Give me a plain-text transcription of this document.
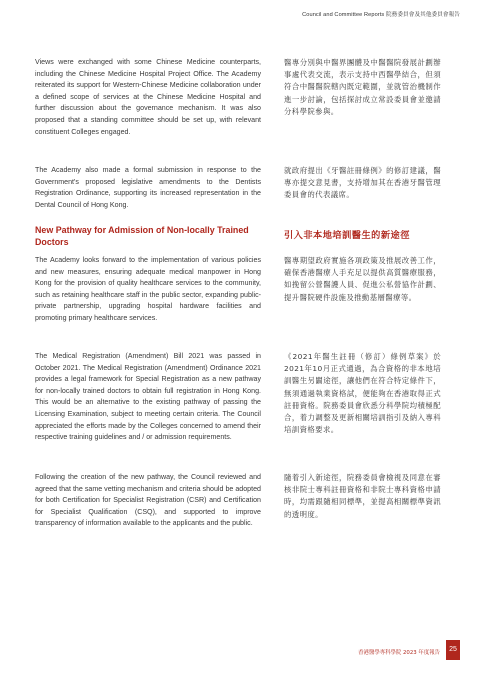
Council and Committee Reports 院務委員會及其他委員會報告
Views were exchanged with some Chinese Medicine counterparts, including the Chinese Medicine Hospital Project Office. The Academy reiterated its support for Western-Chinese Medicine collaboration under a defined scope of services at the Chinese Medicine Hospital and further discussion about the governance mechanism. It was also proposed that a standing committee should be set up, with relevant constituent Colleges engaged.
The Academy also made a formal submission in response to the Government's proposed legislative amendments to the Dentists Registration Ordinance, supporting its increased representation in the Dental Council of Hong Kong.
New Pathway for Admission of Non-locally Trained Doctors
The Academy looks forward to the implementation of various policies and new measures, ensuring adequate medical manpower in Hong Kong for the provision of quality healthcare services to the community, such as retaining healthcare staff in the public sector, expanding public-private partnership, upgrading hospital hardware facilities and promoting primary healthcare services.
The Medical Registration (Amendment) Bill 2021 was passed in October 2021. The Medical Registration (Amendment) Ordinance 2021 provides a legal framework for Special Registration as a new pathway for non-locally trained doctors to obtain full registration in Hong Kong. This would be an alternative to the existing pathway of passing the Licensing Examination, subject to meeting certain criteria. The Council appreciated the efforts made by the Colleges concerned to amend their respective training guidelines and / or admission requirements.
Following the creation of the new pathway, the Council reviewed and agreed that the same vetting mechanism and criteria should be adopted for both Certification for Specialist Registration (CSR) and Certification for Specialist Qualification (CSQ), and supported to improve transparency of information available to the applicants and the public.
醫專分別與中醫界團體及中醫醫院發展計劃辦事處代表交流，表示支持中西醫學結合，但須符合中醫醫院轄內既定範圍，並就管治機制作進一步討論，包括探討成立常設委員會並邀請分科學院參與。
就政府提出《牙醫註冊條例》的修訂建議，醫專亦提交意見書，支持增加其在香港牙醫管理委員會的代表議席。
引入非本地培訓醫生的新途徑
醫專期望政府實施各項政策及推展改善工作，確保香港醫療人手充足以提供高質醫療服務，如挽留公營醫護人員、促進公私營協作計劃、提升醫院硬件設施及推動基層醫療等。
《2021年醫生註冊（修訂）條例草案》於2021年10月正式通過，為合資格的非本地培訓醫生另闢途徑，讓他們在符合特定條件下，無須通過執業資格試，便能夠在香港取得正式註冊資格。院務委員會欣悉分科學院均積極配合，着力調整及更新相關培訓指引及納入專科培訓資格要求。
隨着引入新途徑，院務委員會檢視及同意在審核非院士專科註冊資格和非院士專科資格申請時，均需跟隨相同標準，並提高相關標準資訊的透明度。
香港醫學專科學院 2023 年度報告	25
